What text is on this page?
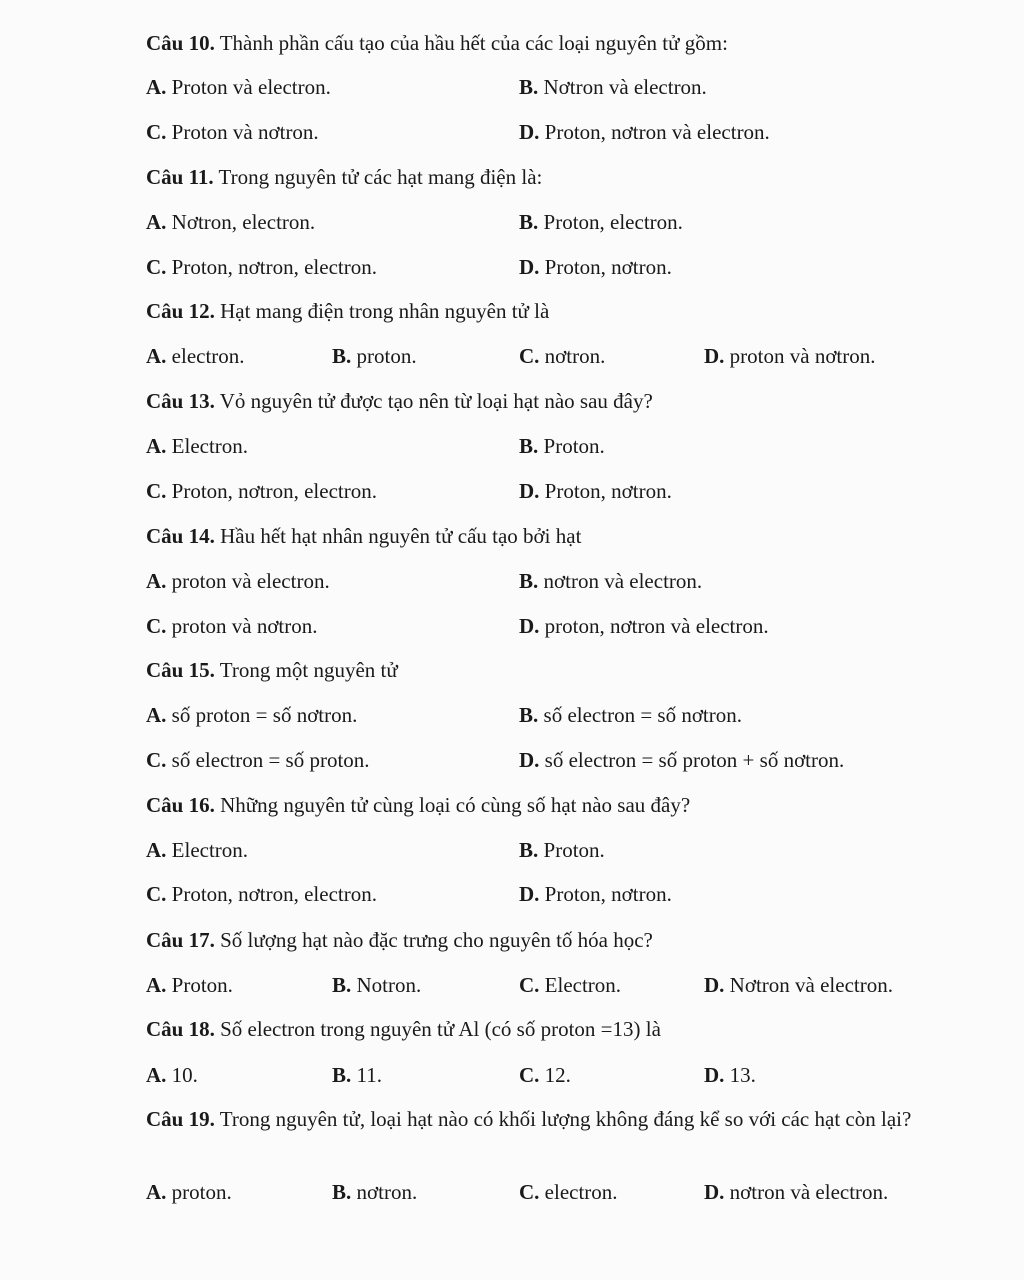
Câu 10. Thành phần cấu tạo của hầu hết của các loại nguyên tử gồm:
A. Proton và electron.	B. Nơtron và electron.
C. Proton và nơtron.	D. Proton, nơtron và electron.
Câu 11. Trong nguyên tử các hạt mang điện là:
A. Nơtron, electron.	B. Proton, electron.
C. Proton, nơtron, electron.	D. Proton, nơtron.
Câu 12. Hạt mang điện trong nhân nguyên tử là
A. electron.	B. proton.	C. nơtron.	D. proton và nơtron.
Câu 13. Vỏ nguyên tử được tạo nên từ loại hạt nào sau đây?
A. Electron.	B. Proton.
C. Proton, nơtron, electron.	D. Proton, nơtron.
Câu 14. Hầu hết hạt nhân nguyên tử cấu tạo bởi hạt
A. proton và electron.	B. nơtron và electron.
C. proton và nơtron.	D. proton, nơtron và electron.
Câu 15. Trong một nguyên tử
A. số proton = số nơtron.	B. số electron = số nơtron.
C. số electron = số proton.	D. số electron = số proton + số nơtron.
Câu 16. Những nguyên tử cùng loại có cùng số hạt nào sau đây?
A. Electron.	B. Proton.
C. Proton, nơtron, electron.	D. Proton, nơtron.
Câu 17. Số lượng hạt nào đặc trưng cho nguyên tố hóa học?
A. Proton.	B. Notron.	C. Electron.	D. Nơtron và electron.
Câu 18. Số electron trong nguyên tử Al (có số proton =13) là
A. 10.	B. 11.	C. 12.	D. 13.
Câu 19. Trong nguyên tử, loại hạt nào có khối lượng không đáng kể so với các hạt còn lại?
A. proton.	B. nơtron.	C. electron.	D. nơtron và electron.
